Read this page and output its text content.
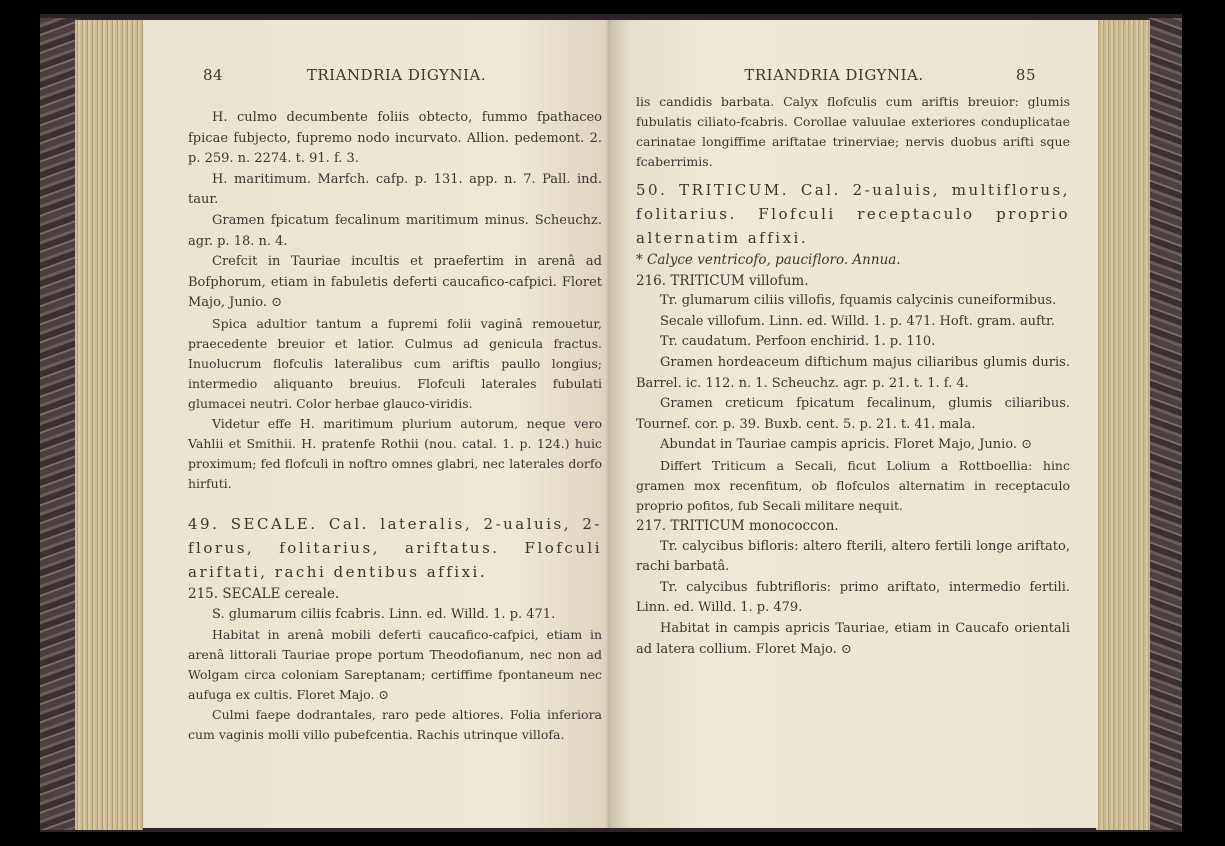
84	TRIANDRIA DIGYNIA.

H. culmo decumbente foliis obtecto, fummo fpathaceo fpicae fubjecto, fupremo nodo incurvato. Allion. pedemont. 2. p. 259. n. 2274. t. 91. f. 3.

H. maritimum. Marfch. cafp. p. 131. app. n. 7. Pall. ind. taur.

Gramen fpicatum fecalinum maritimum minus. Scheuchz. agr. p. 18. n. 4.

Crefcit in Tauriae incultis et praefertim in arenâ ad Bofphorum, etiam in fabuletis deferti caucafico-cafpici. Floret Majo, Junio. ⊙

Spica adultior tantum a fupremi folii vaginâ remouetur, praecedente breuior et latior. Culmus ad genicula fractus. Inuolucrum flofculis lateralibus cum ariftis paullo longius; intermedio aliquanto breuius. Flofculi laterales fubulati glumacei neutri. Color herbae glauco-viridis.

Videtur effe H. maritimum plurium autorum, neque vero Vahlii et Smithii. H. pratenfe Rothii (nou. catal. 1. p. 124.) huic proximum; fed flofculi in noftro omnes glabri, nec laterales dorfo hirfuti.

49. SECALE. Cal. lateralis, 2-ualuis, 2-florus, folitarius, ariftatus. Flofculi ariftati, rachi dentibus affixi.

215. SECALE cereale.

S. glumarum ciliis fcabris. Linn. ed. Willd. 1. p. 471.

Habitat in arenâ mobili deferti caucafico-cafpici, etiam in arenâ littorali Tauriae prope portum Theodofianum, nec non ad Wolgam circa coloniam Sareptanam; certiffime fpontaneum nec aufuga ex cultis. Floret Majo. ⊙

Culmi faepe dodrantales, raro pede altiores. Folia inferiora cum vaginis molli villo pubefcentia. Rachis utrinque villofa.

TRIANDRIA DIGYNIA.	85

lis candidis barbata. Calyx flofculis cum ariftis breuior: glumis fubulatis ciliato-fcabris. Corollae valuulae exteriores conduplicatae carinatae longiffime ariftatae trinerviae; nervis duobus arifti sque fcaberrimis.

50. TRITICUM. Cal. 2-ualuis, multiflorus, folitarius. Flofculi receptaculo proprio alternatim affixi.

* Calyce ventricofo, paucifloro. Annua.

216. TRITICUM villofum.

Tr. glumarum ciliis villofis, fquamis calycinis cuneiformibus.

Secale villofum. Linn. ed. Willd. 1. p. 471. Hoft. gram. auftr.

Tr. caudatum. Perfoon enchirid. 1. p. 110.

Gramen hordeaceum diftichum majus ciliaribus glumis duris. Barrel. ic. 112. n. 1. Scheuchz. agr. p. 21. t. 1. f. 4.

Gramen creticum fpicatum fecalinum, glumis ciliaribus. Tournef. cor. p. 39. Buxb. cent. 5. p. 21. t. 41. mala.

Abundat in Tauriae campis apricis. Floret Majo, Junio. ⊙

Differt Triticum a Secali, ficut Lolium a Rottboellia: hinc gramen mox recenfitum, ob flofculos alternatim in receptaculo proprio pofitos, fub Secali militare nequit.

217. TRITICUM monococcon.

Tr. calycibus bifloris: altero fterili, altero fertili longe ariftato, rachi barbatâ.

Tr. calycibus fubtrifloris: primo ariftato, intermedio fertili. Linn. ed. Willd. 1. p. 479.

Habitat in campis apricis Tauriae, etiam in Caucafo orientali ad latera collium. Floret Majo. ⊙
